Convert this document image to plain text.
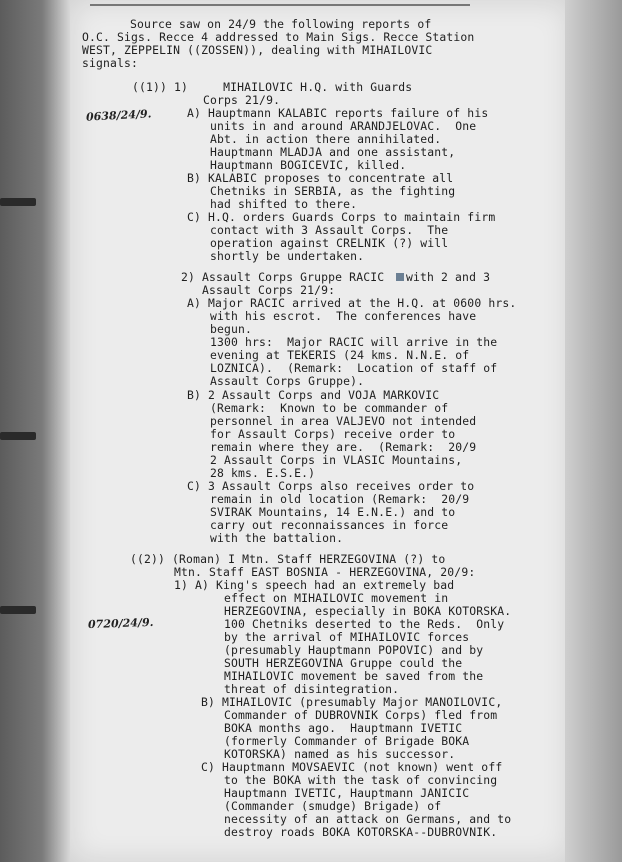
Source saw on 24/9 the following reports of

O.C. Sigs. Recce 4 addressed to Main Sigs. Recce Station

WEST, ZEPPELIN ((ZOSSEN)), dealing with MIHAILOVIC

signals:

((1)) 1)     MIHAILOVIC H.Q. with Guards

Corps 21/9.

0638/24/9.	A) Hauptmann KALABIC reports failure of his

units in and around ARANDJELOVAC.  One

Abt. in action there annihilated.

Hauptmann MLADJA and one assistant,

Hauptmann BOGICEVIC, killed.

B) KALABIC proposes to concentrate all

Chetniks in SERBIA, as the fighting

had shifted to there.

C) H.Q. orders Guards Corps to maintain firm

contact with 3 Assault Corps.  The

operation against CRELNIK (?) will

shortly be undertaken.

2) Assault Corps Gruppe RACIC with 2 and 3

Assault Corps 21/9:

A) Major RACIC arrived at the H.Q. at 0600 hrs.

with his escrot.  The conferences have

begun.

1300 hrs:  Major RACIC will arrive in the

evening at TEKERIS (24 kms. N.N.E. of

LOZNICA).  (Remark:  Location of staff of

Assault Corps Gruppe).

B) 2 Assault Corps and VOJA MARKOVIC

(Remark:  Known to be commander of

personnel in area VALJEVO not intended

for Assault Corps) receive order to

remain where they are.  (Remark:  20/9

2 Assault Corps in VLASIC Mountains,

28 kms. E.S.E.)

C) 3 Assault Corps also receives order to

remain in old location (Remark:  20/9

SVIRAK Mountains, 14 E.N.E.) and to

carry out reconnaissances in force

with the battalion.

((2)) (Roman) I Mtn. Staff HERZEGOVINA (?) to

Mtn. Staff EAST BOSNIA - HERZEGOVINA, 20/9:

1) A) King's speech had an extremely bad

effect on MIHAILOVIC movement in

HERZEGOVINA, especially in BOKA KOTORSKA.

0720/24/9.	100 Chetniks deserted to the Reds.  Only

by the arrival of MIHAILOVIC forces

(presumably Hauptmann POPOVIC) and by

SOUTH HERZEGOVINA Gruppe could the

MIHAILOVIC movement be saved from the

threat of disintegration.

B) MIHAILOVIC (presumably Major MANOILOVIC,

Commander of DUBROVNIK Corps) fled from

BOKA months ago.  Hauptmann IVETIC

(formerly Commander of Brigade BOKA

KOTORSKA) named as his successor.

C) Hauptmann MOVSAEVIC (not known) went off

to the BOKA with the task of convincing

Hauptmann IVETIC, Hauptmann JANICIC

(Commander (smudge) Brigade) of

necessity of an attack on Germans, and to

destroy roads BOKA KOTORSKA--DUBROVNIK.
